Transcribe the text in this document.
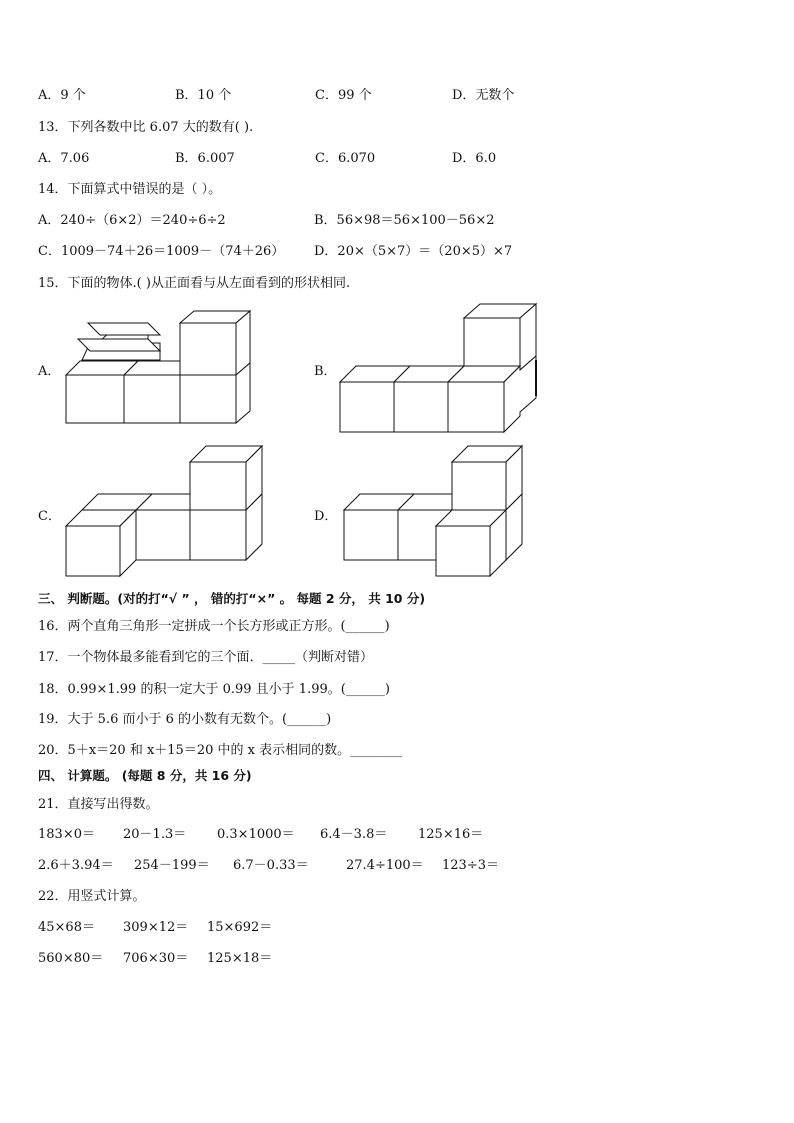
A．9 个	B．10 个	C．99 个	D．无数个
13．下列各数中比 6.07 大的数有( ).
A．7.06	B．6.007	C．6.070	D．6.0
14．下面算式中错误的是（ ）。
A．240÷（6×2）＝240÷6÷2	B．56×98＝56×100－56×2
C．1009－74＋26＝1009－（74＋26） D．20×（5×7）＝（20×5）×7
15．下面的物体.( )从正面看与从左面看到的形状相同.
A．	B．
C．	D．
三、 判断题。(对的打“√ ” ， 错的打“×” 。 每题 2 分， 共 10 分)
16．两个直角三角形一定拼成一个长方形或正方形。(______)
17．一个物体最多能看到它的三个面．_____（判断对错）
18．0.99×1.99 的积一定大于 0.99 且小于 1.99。(______)
19．大于 5.6 而小于 6 的小数有无数个。(______)
20．5＋x＝20 和 x＋15＝20 中的 x 表示相同的数。________
四、 计算题。 (每题 8 分，共 16 分)
21．直接写出得数。
183×0＝ 20－1.3＝ 0.3×1000＝ 6.4－3.8＝ 125×16＝
2.6＋3.94＝ 254－199＝ 6.7－0.33＝	27.4÷100＝ 123÷3＝
22．用竖式计算。
45×68＝ 309×12＝ 15×692＝
560×80＝ 706×30＝ 125×18＝
